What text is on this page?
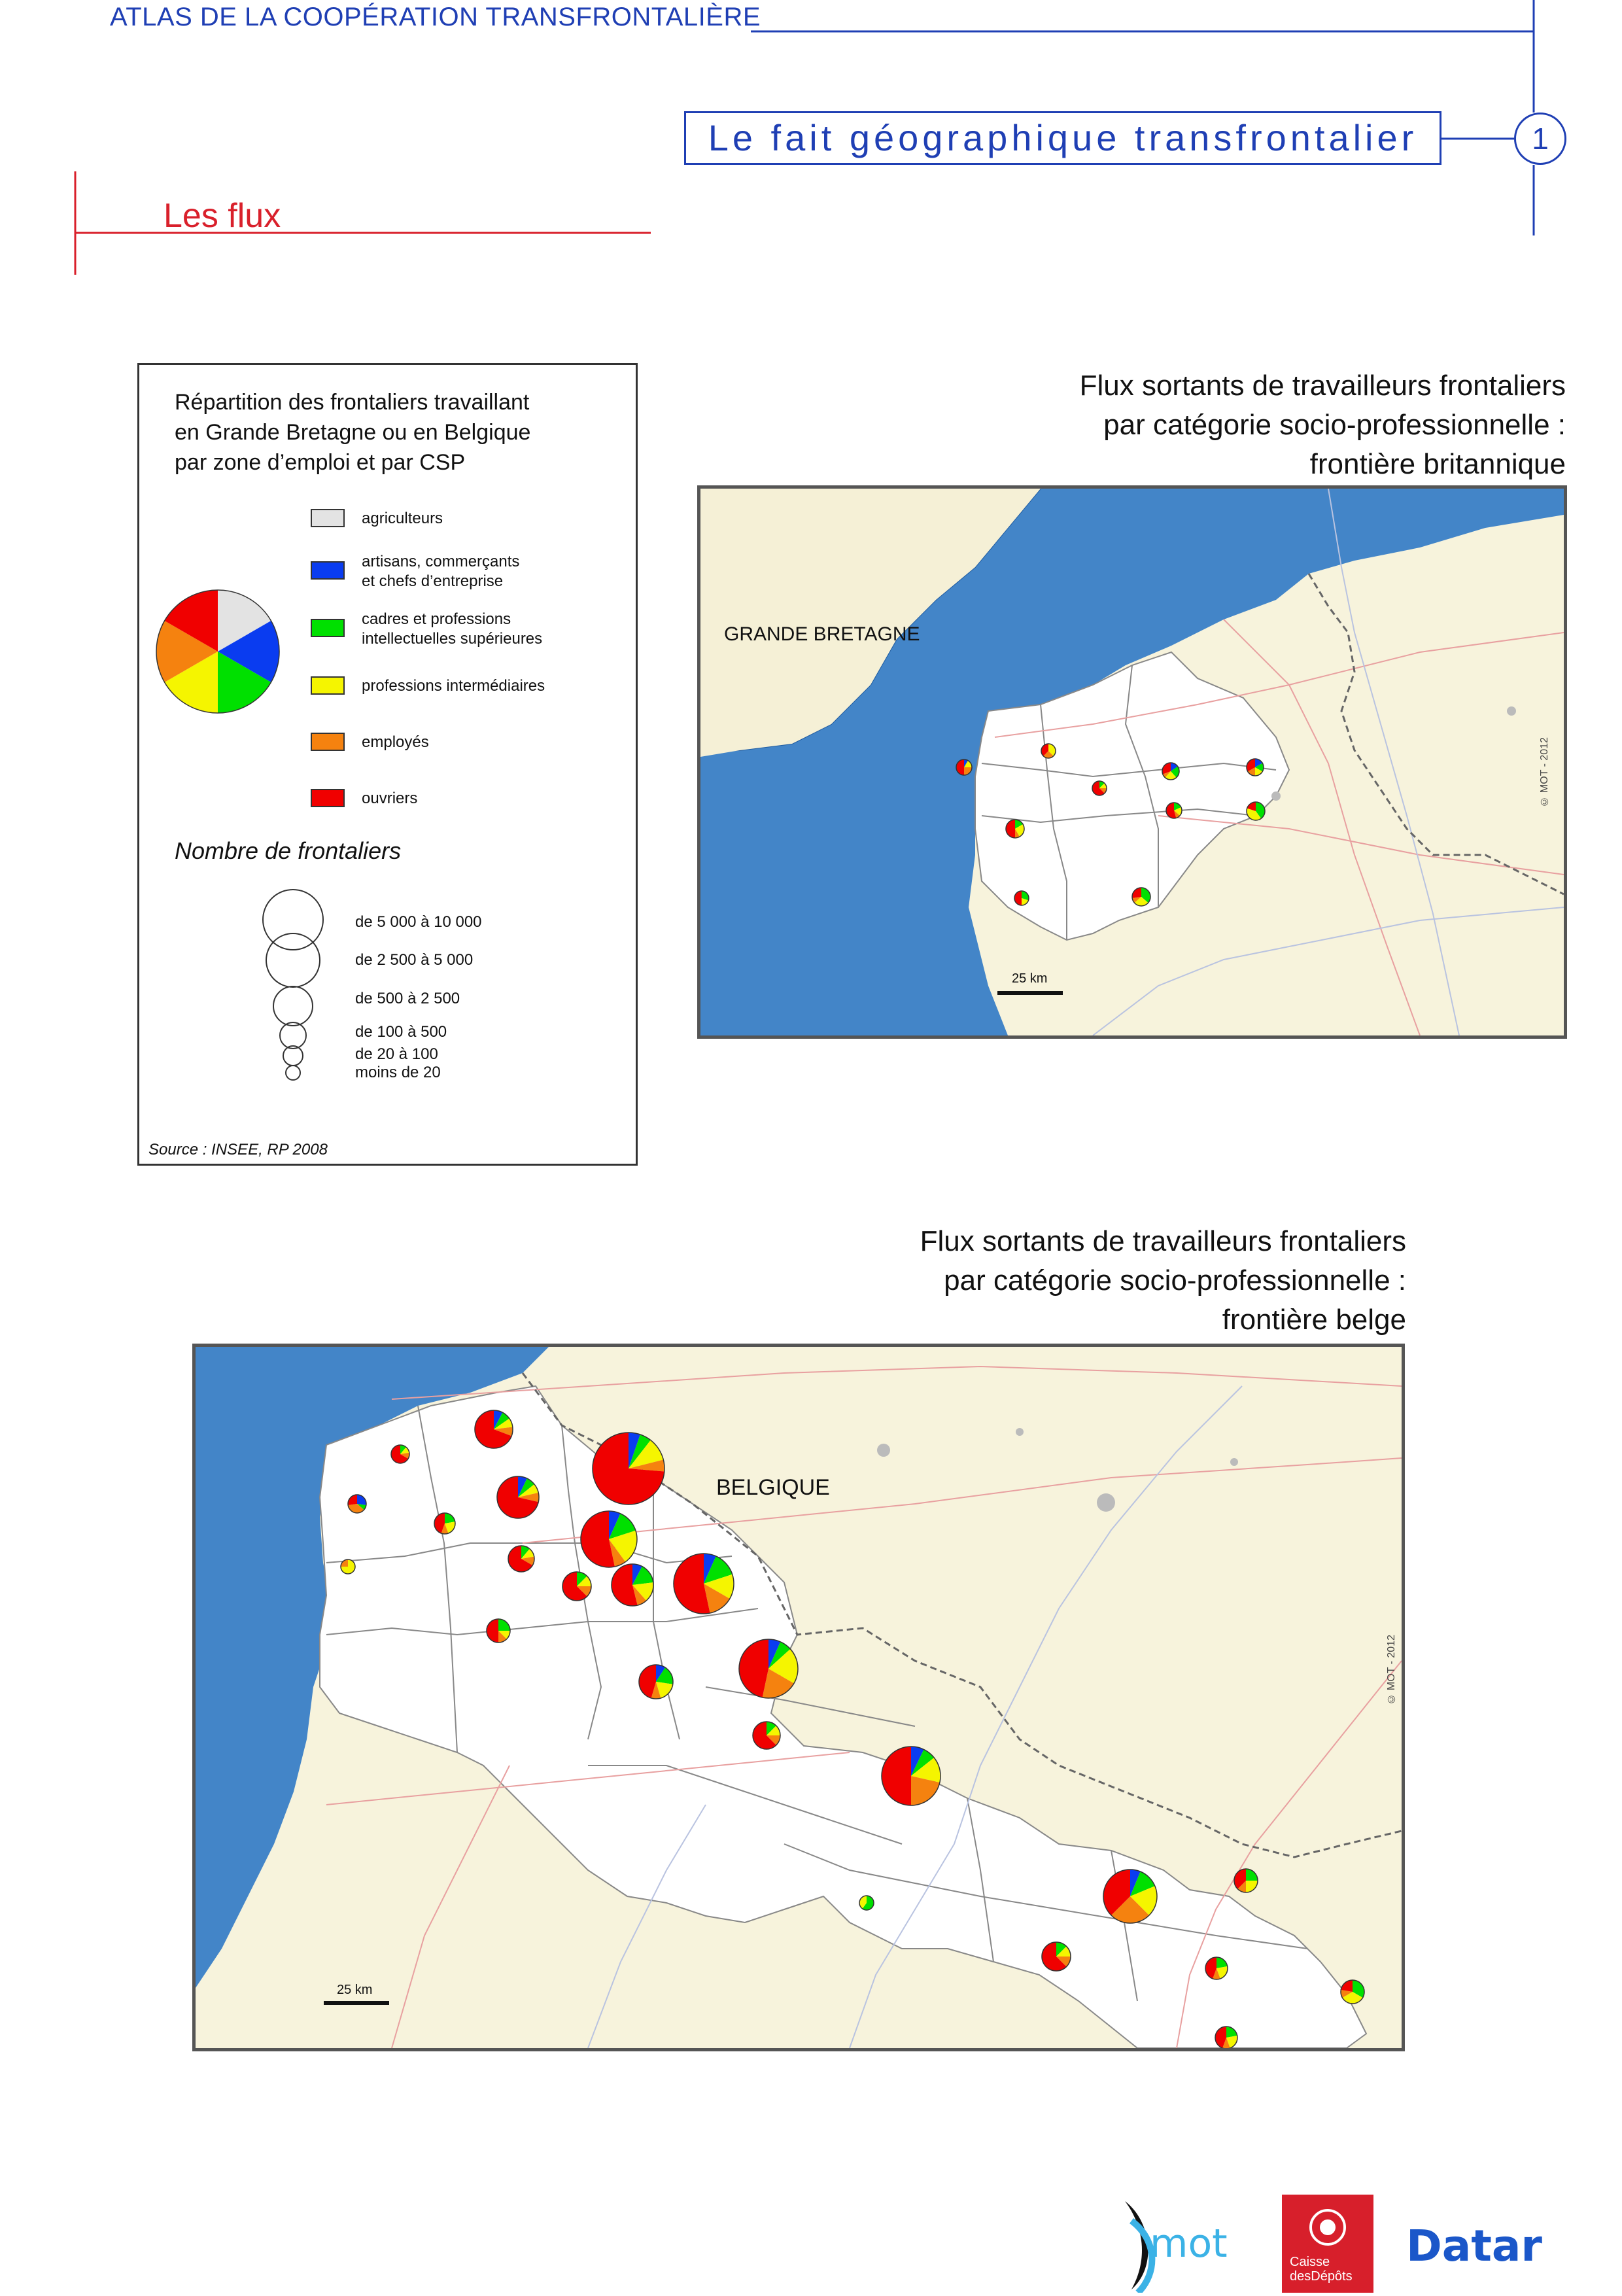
ATLAS DE LA COOPÉRATION TRANSFRONTALIÈRE
Le fait géographique transfrontalier	1
Les flux
Répartition des frontaliers travaillant
en Grande Bretagne ou en Belgique
par zone d’emploi et par CSP
agriculteurs
artisans, commerçants
et chefs d’entreprise
cadres et professions
intellectuelles supérieures
professions intermédiaires
employés
ouvriers
Nombre de frontaliers
de 5 000 à 10 000
de 2 500 à 5 000
de 500 à 2 500
de 100 à 500
de 20 à 100
moins de 20
Source : INSEE, RP 2008
Flux sortants de travailleurs frontaliers
par catégorie socio-professionnelle :
frontière britannique
GRANDE BRETAGNE
25 km
© MOT - 2012
Flux sortants de travailleurs frontaliers
par catégorie socio-professionnelle :
frontière belge
BELGIQUE
25 km
© MOT - 2012
mot	Caisse
desDépôts
Datar
